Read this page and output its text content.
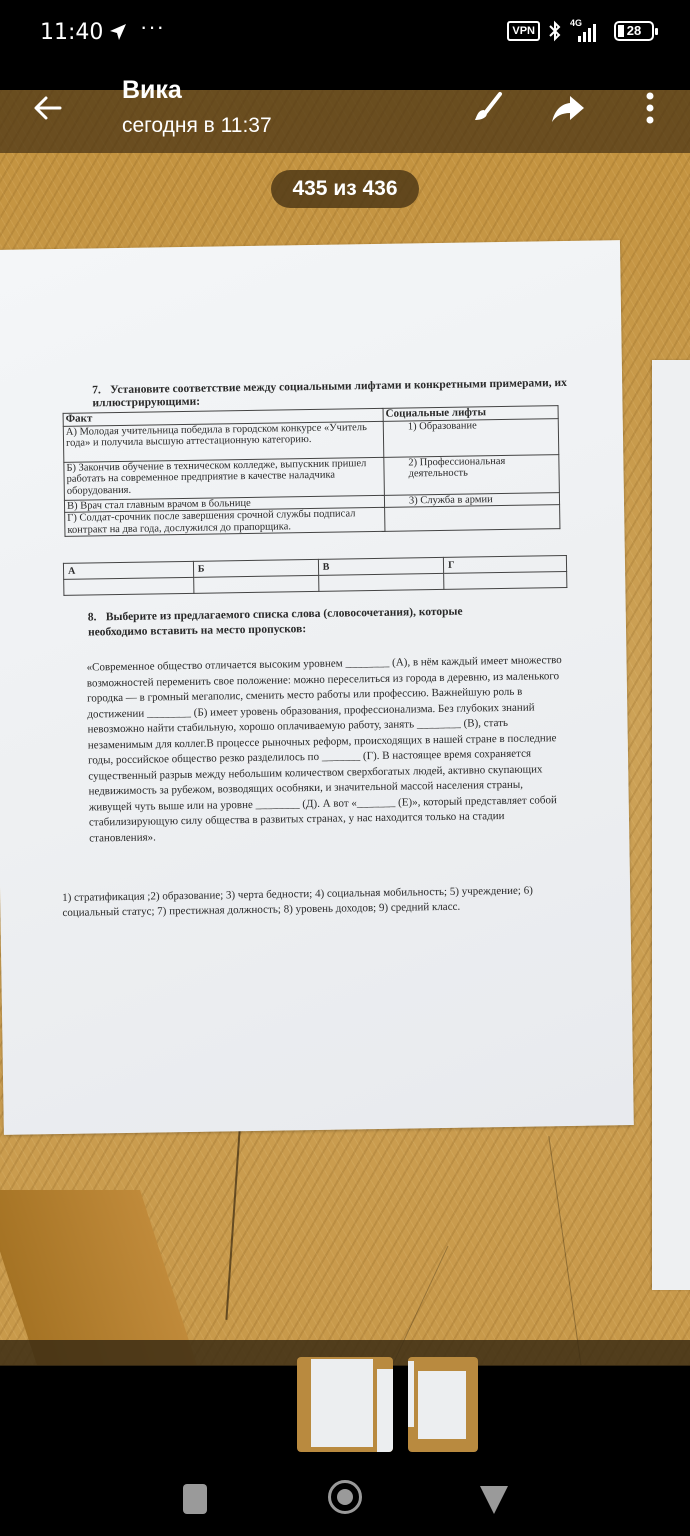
11:40 ···	VPN
4G	28
7. Установите соответствие между социальными лифтами и конкретными примерами, их иллюстрирующими:
Факт	Социальные лифты
А) Молодая учительница победила в городском конкурсе «Учитель года» и получила высшую аттестационную категорию.	1) Образование
Б) Закончив обучение в техническом колледже, выпускник пришел работать на современное предприятие в качестве наладчика оборудования.	2) Профессиональная деятельность
В) Врач стал главным врачом в больнице	3) Служба в армии
Г) Солдат-срочник после завершения срочной службы подписал контракт на два года, дослужился до прапорщика.	
А	Б	В	Г

8. Выберите из предлагаемого списка слова (словосочетания), которые необходимо вставить на место пропусков:
«Современное общество отличается высоким уровнем ________ (А), в нём каждый имеет множество возможностей переменить свое положение: можно переселиться из города в деревню, из маленького городка — в громный мегаполис, сменить место работы или профессию. Важнейшую роль в достижении ________ (Б) имеет уровень образования, профессионализма. Без глубоких знаний невозможно найти стабильную, хорошо оплачиваемую работу, занять ________ (В), стать незаменимым для коллег.В процессе рыночных реформ, происходящих в нашей стране в последние годы, российское общество резко разделилось по _______ (Г). В настоящее время сохраняется существенный разрыв между небольшим количеством сверхбогатых людей, активно скупающих недвижимость за рубежом, возводящих особняки, и значительной массой населения страны, живущей чуть выше или на уровне ________ (Д). А вот «_______ (Е)», который представляет собой стабилизирующую силу общества в развитых странах, у нас находится только на стадии становления».
1) стратификация ;2) образование; 3) черта бедности; 4) социальная мобильность; 5) учреждение; 6) социальный статус; 7) престижная должность; 8) уровень доходов; 9) средний класс.
Вика
сегодня в 11:37
435 из 436
